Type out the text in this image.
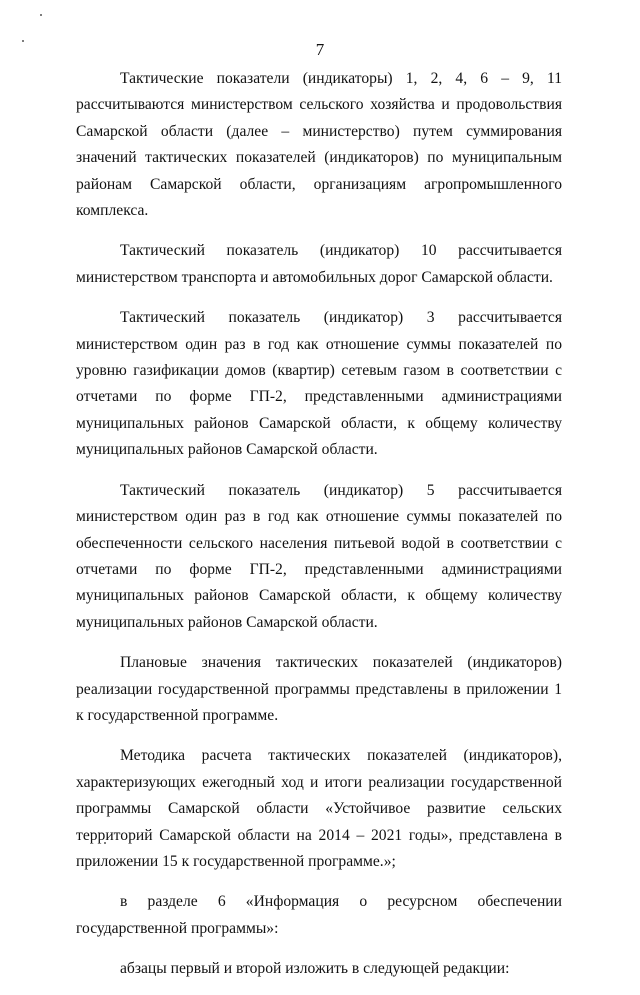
7

Тактические показатели (индикаторы) 1, 2, 4, 6 – 9, 11 рассчитываются министерством сельского хозяйства и продовольствия Самарской области (далее – министерство) путем суммирования значений тактических показателей (индикаторов) по муниципальным районам Самарской области, организациям агропромышленного комплекса.

Тактический показатель (индикатор) 10 рассчитывается министерством транспорта и автомобильных дорог Самарской области.

Тактический показатель (индикатор) 3 рассчитывается министерством один раз в год как отношение суммы показателей по уровню газификации домов (квартир) сетевым газом в соответствии с отчетами по форме ГП-2, представленными администрациями муниципальных районов Самарской области, к общему количеству муниципальных районов Самарской области.

Тактический показатель (индикатор) 5 рассчитывается министерством один раз в год как отношение суммы показателей по обеспеченности сельского населения питьевой водой в соответствии с отчетами по форме ГП-2, представленными администрациями муниципальных районов Самарской области, к общему количеству муниципальных районов Самарской области.

Плановые значения тактических показателей (индикаторов) реализации государственной программы представлены в приложении 1 к государственной программе.

Методика расчета тактических показателей (индикаторов), характеризующих ежегодный ход и итоги реализации государственной программы Самарской области «Устойчивое развитие сельских территорий Самарской области на 2014 – 2021 годы», представлена в приложении 15 к государственной программе.»;

в разделе 6 «Информация о ресурсном обеспечении государственной программы»:

абзацы первый и второй изложить в следующей редакции:
